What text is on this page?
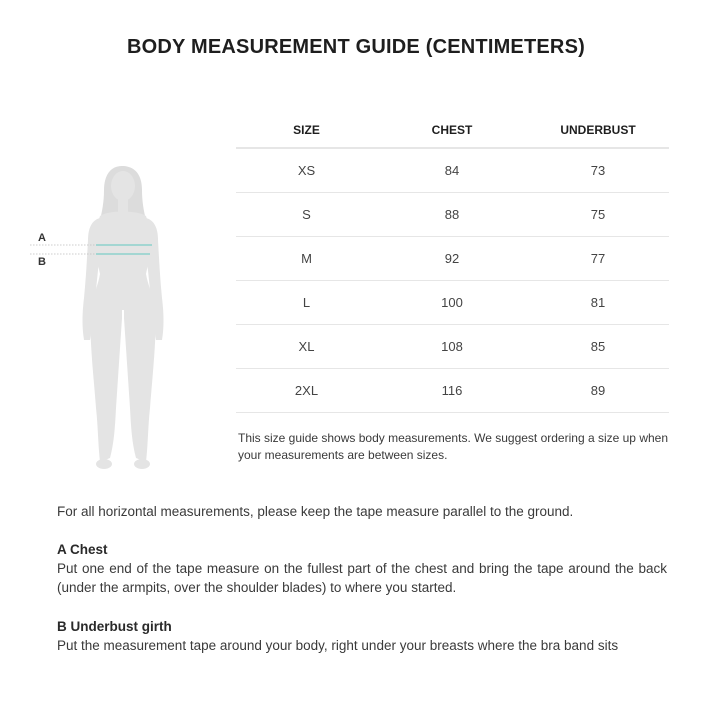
BODY MEASUREMENT GUIDE (CENTIMETERS)
A
B
SIZE	CHEST	UNDERBUST
XS	84	73
S	88	75
M	92	77
L	100	81
XL	108	85
2XL	116	89
This size guide shows body measurements. We suggest ordering a size up when your measurements are between sizes.
For all horizontal measurements, please keep the tape measure parallel to the ground.
A Chest
Put one end of the tape measure on the fullest part of the chest and bring the tape around the back (under the armpits, over the shoulder blades) to where you started.
B Underbust girth
Put the measurement tape around your body, right under your breasts where the bra band sits
